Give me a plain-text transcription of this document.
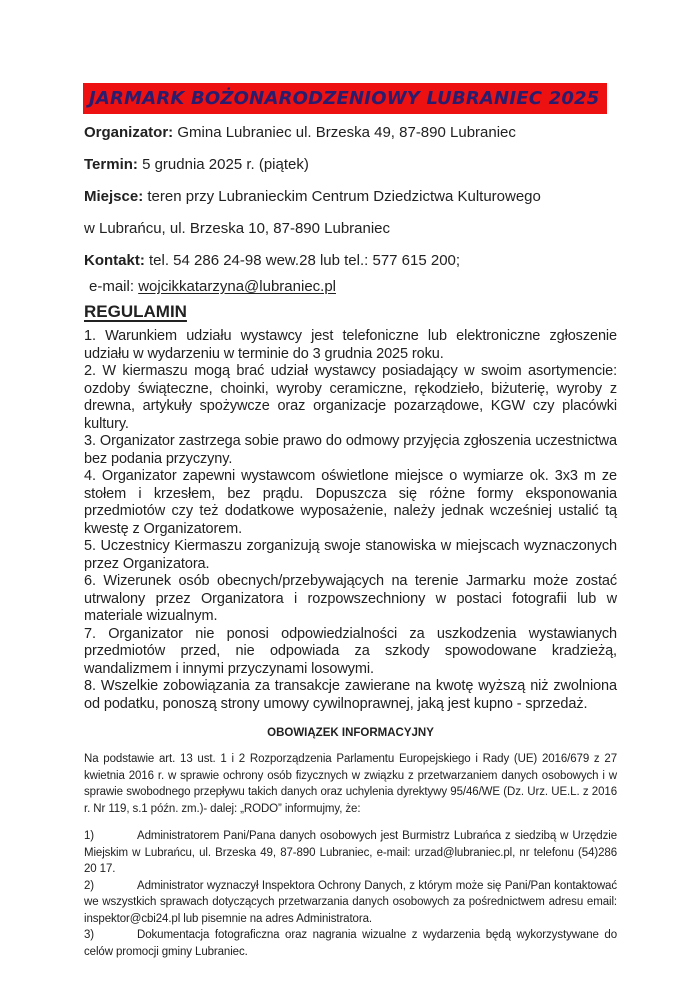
JARMARK BOŻONARODZENIOWY LUBRANIEC 2025

Organizator: Gmina Lubraniec ul. Brzeska 49, 87-890 Lubraniec

Termin: 5 grudnia 2025 r. (piątek)

Miejsce: teren przy Lubranieckim Centrum Dziedzictwa Kulturowego

w Lubrańcu, ul. Brzeska 10, 87-890 Lubraniec

Kontakt: tel. 54 286 24-98 wew.28 lub tel.: 577 615 200;

e-mail: wojcikkatarzyna@lubraniec.pl

REGULAMIN

1. Warunkiem udziału wystawcy jest telefoniczne lub elektroniczne zgłoszenie udziału w wydarzeniu w terminie do 3 grudnia 2025 roku.

2. W kiermaszu mogą brać udział wystawcy posiadający w swoim asortymencie: ozdoby świąteczne, choinki, wyroby ceramiczne, rękodzieło, biżuterię, wyroby z drewna, artykuły spożywcze oraz organizacje pozarządowe, KGW czy placówki kultury.

3. Organizator zastrzega sobie prawo do odmowy przyjęcia zgłoszenia uczestnictwa bez podania przyczyny.

4. Organizator zapewni wystawcom oświetlone miejsce o wymiarze ok. 3x3 m ze stołem i krzesłem, bez prądu. Dopuszcza się różne formy eksponowania przedmiotów czy też dodatkowe wyposażenie, należy jednak wcześniej ustalić tą kwestę z Organizatorem.

5. Uczestnicy Kiermaszu zorganizują swoje stanowiska w miejscach wyznaczonych przez Organizatora.

6. Wizerunek osób obecnych/przebywających na terenie Jarmarku może zostać utrwalony przez Organizatora i rozpowszechniony w postaci fotografii lub w materiale wizualnym.

7. Organizator nie ponosi odpowiedzialności za uszkodzenia wystawianych przedmiotów przed, nie odpowiada za szkody spowodowane kradzieżą, wandalizmem i innymi przyczynami losowymi.

8. Wszelkie zobowiązania za transakcje zawierane na kwotę wyższą niż zwolniona od podatku, ponoszą strony umowy cywilnoprawnej, jaką jest kupno - sprzedaż.

OBOWIĄZEK INFORMACYJNY

Na podstawie art. 13 ust. 1 i 2 Rozporządzenia Parlamentu Europejskiego i Rady (UE) 2016/679 z 27 kwietnia 2016 r. w sprawie ochrony osób fizycznych w związku z przetwarzaniem danych osobowych i w sprawie swobodnego przepływu takich danych oraz uchylenia dyrektywy 95/46/WE (Dz. Urz. UE.L. z 2016 r. Nr 119, s.1 późn. zm.)- dalej: „RODO” informujmy, że:

1)	Administratorem Pani/Pana danych osobowych jest Burmistrz Lubrańca z siedzibą w Urzędzie Miejskim w Lubrańcu, ul. Brzeska 49, 87-890 Lubraniec, e-mail: urzad@lubraniec.pl, nr telefonu (54)286 20 17.

2)	Administrator wyznaczył Inspektora Ochrony Danych, z którym może się Pani/Pan kontaktować we wszystkich sprawach dotyczących przetwarzania danych osobowych za pośrednictwem adresu email: inspektor@cbi24.pl lub pisemnie na adres Administratora.

3)	Dokumentacja fotograficzna oraz nagrania wizualne z wydarzenia będą wykorzystywane do celów promocji gminy Lubraniec.
